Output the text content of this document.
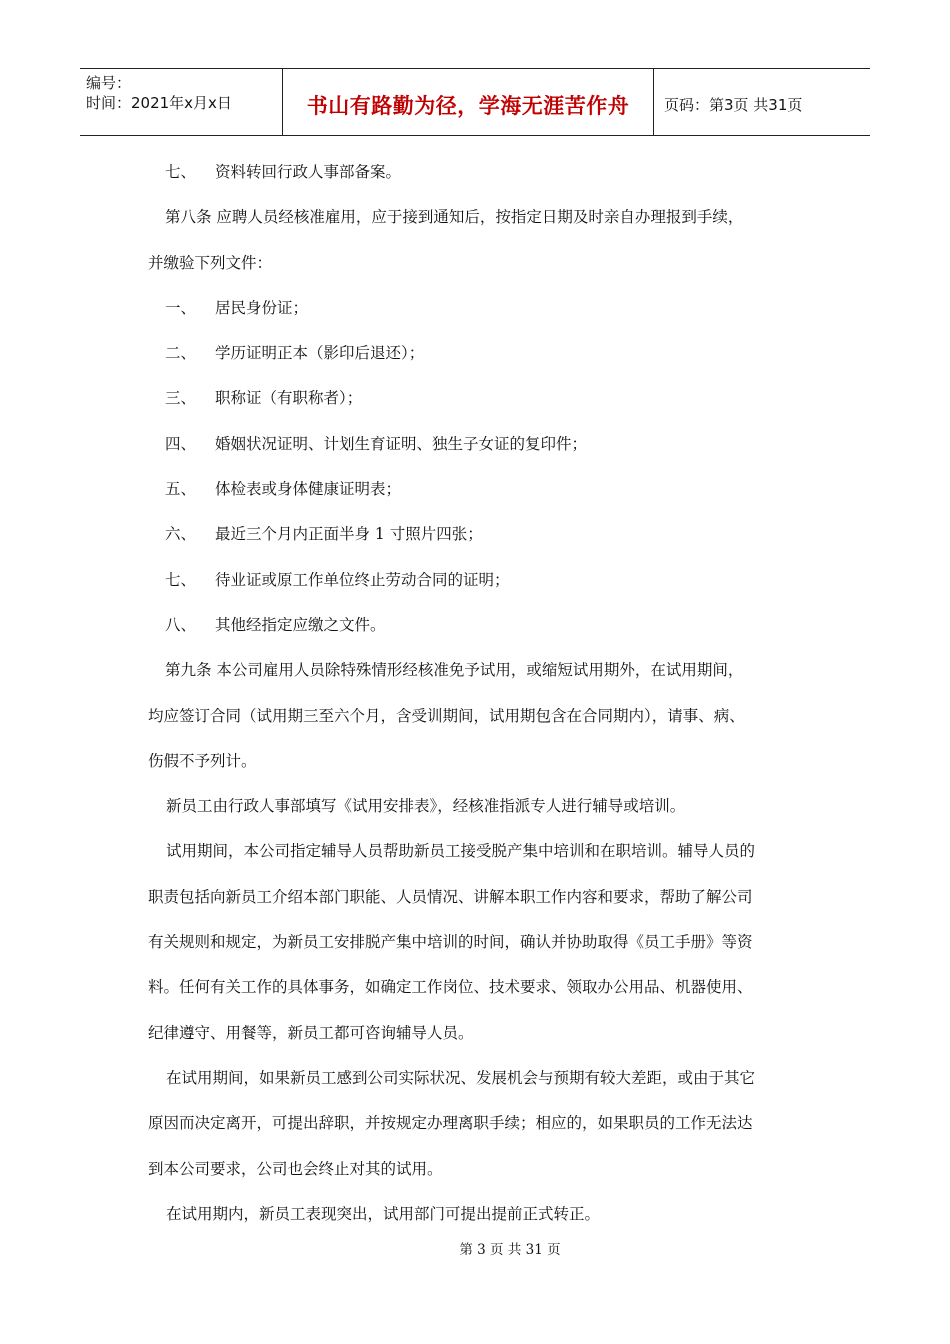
编号：
时间：2021年x月x日	书山有路勤为径，学海无涯苦作舟 页码：第3页 共31页
七、 资料转回行政人事部备案。
第八条 应聘人员经核准雇用，应于接到通知后，按指定日期及时亲自办理报到手续，
并缴验下列文件：
一、 居民身份证；
二、 学历证明正本（影印后退还）；
三、 职称证（有职称者）；
四、 婚姻状况证明、计划生育证明、独生子女证的复印件；
五、 体检表或身体健康证明表；
六、 最近三个月内正面半身 1 寸照片四张；
七、 待业证或原工作单位终止劳动合同的证明；
八、 其他经指定应缴之文件。
第九条 本公司雇用人员除特殊情形经核准免予试用，或缩短试用期外，在试用期间，
均应签订合同（试用期三至六个月，含受训期间，试用期包含在合同期内），请事、病、
伤假不予列计。
新员工由行政人事部填写《试用安排表》，经核准指派专人进行辅导或培训。
试用期间，本公司指定辅导人员帮助新员工接受脱产集中培训和在职培训。辅导人员的
职责包括向新员工介绍本部门职能、人员情况、讲解本职工作内容和要求，帮助了解公司
有关规则和规定，为新员工安排脱产集中培训的时间，确认并协助取得《员工手册》等资
料。任何有关工作的具体事务，如确定工作岗位、技术要求、领取办公用品、机器使用、
纪律遵守、用餐等，新员工都可咨询辅导人员。
在试用期间，如果新员工感到公司实际状况、发展机会与预期有较大差距，或由于其它
原因而决定离开，可提出辞职，并按规定办理离职手续；相应的，如果职员的工作无法达
到本公司要求，公司也会终止对其的试用。
在试用期内，新员工表现突出，试用部门可提出提前正式转正。
第 3 页 共 31 页
